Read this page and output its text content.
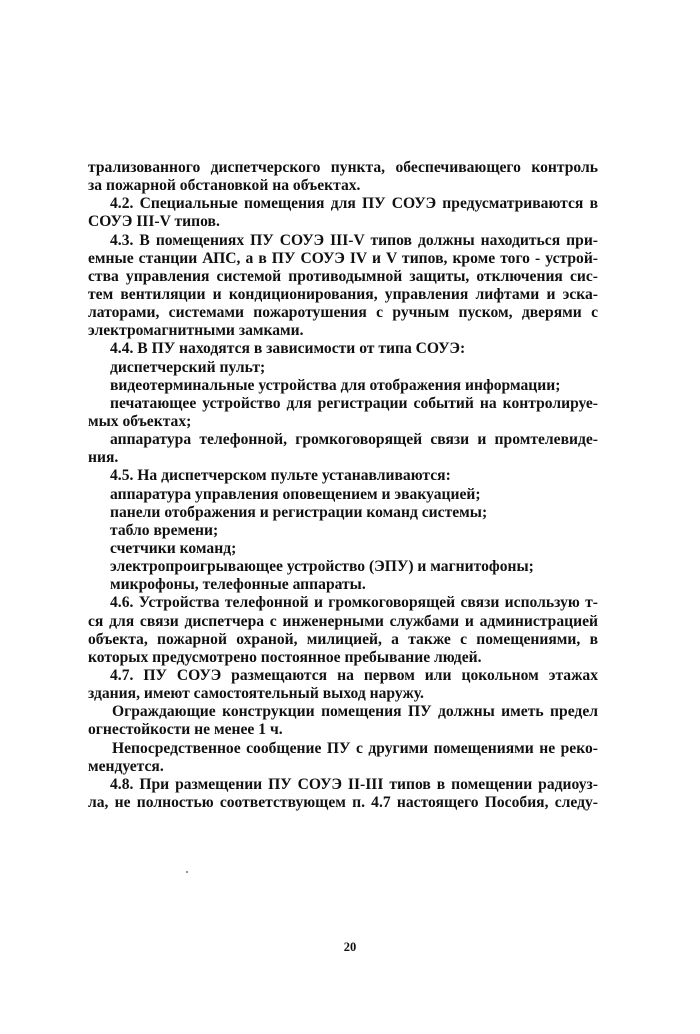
трализованного диспетчерского пункта, обеспечивающего контроль
за пожарной обстановкой на объектах.
4.2. Специальные помещения для ПУ СОУЭ предусматриваются в
СОУЭ III-V типов.
4.3. В помещениях ПУ СОУЭ III-V типов должны находиться при-
емные станции АПС, а в ПУ СОУЭ IV и V типов, кроме того - устрой-
ства управления системой противодымной защиты, отключения сис-
тем вентиляции и кондиционирования, управления лифтами и эска-
латорами, системами пожаротушения с ручным пуском, дверями с
электромагнитными замками.
4.4. В ПУ находятся в зависимости от типа СОУЭ:
диспетчерский пульт;
видеотерминальные устройства для отображения информации;
печатающее устройство для регистрации событий на контролируе-
мых объектах;
аппаратура телефонной, громкоговорящей связи и промтелевиде-
ния.
4.5. На диспетчерском пульте устанавливаются:
аппаратура управления оповещением и эвакуацией;
панели отображения и регистрации команд системы;
табло времени;
счетчики команд;
электропроигрывающее устройство (ЭПУ) и магнитофоны;
микрофоны, телефонные аппараты.
4.6. Устройства телефонной и громкоговорящей связи использую т-
ся для связи диспетчера с инженерными службами и администрацией
объекта, пожарной охраной, милицией, а также с помещениями, в
которых предусмотрено постоянное пребывание людей.
4.7. ПУ СОУЭ размещаются на первом или цокольном этажах
здания, имеют самостоятельный выход наружу.
Ограждающие конструкции помещения ПУ должны иметь предел
огнестойкости не менее 1 ч.
Непосредственное сообщение ПУ с другими помещениями не реко-
мендуется.
4.8. При размещении ПУ СОУЭ II-III типов в помещении радиоуз-
ла, не полностью соответствующем п. 4.7 настоящего Пособия, следу-
20
